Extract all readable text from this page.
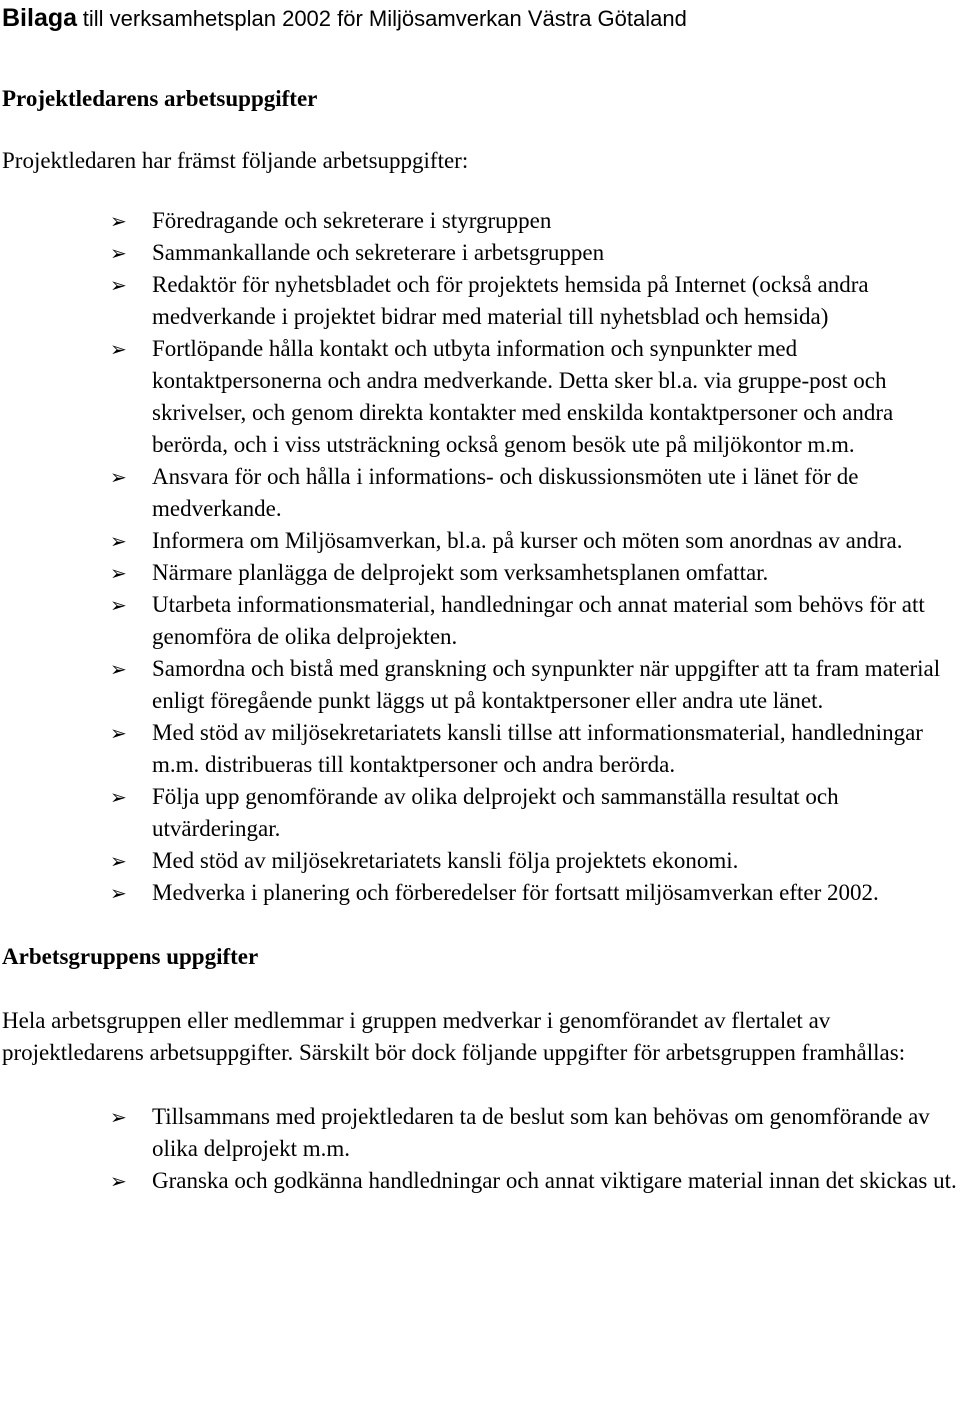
Bilaga till verksamhetsplan 2002 för Miljösamverkan Västra Götaland
Projektledarens arbetsuppgifter
Projektledaren har främst följande arbetsuppgifter:
➢	Föredragande och sekreterare i styrgruppen
➢	Sammankallande och sekreterare i arbetsgruppen
➢	Redaktör för nyhetsbladet och för projektets hemsida på Internet (också andra medverkande i projektet bidrar med material till nyhetsblad och hemsida)
➢	Fortlöpande hålla kontakt och utbyta information och synpunkter med kontaktpersonerna och andra medverkande. Detta sker bl.a. via gruppe-post och skrivelser, och genom direkta kontakter med enskilda kontaktpersoner och andra berörda, och i viss utsträckning också genom besök ute på miljökontor m.m.
➢	Ansvara för och hålla i informations- och diskussionsmöten ute i länet för de medverkande.
➢	Informera om Miljösamverkan, bl.a. på kurser och möten som anordnas av andra.
➢	Närmare planlägga de delprojekt som verksamhetsplanen omfattar.
➢	Utarbeta informationsmaterial, handledningar och annat material som behövs för att genomföra de olika delprojekten.
➢	Samordna och bistå med granskning och synpunkter när uppgifter att ta fram material enligt föregående punkt läggs ut på kontaktpersoner eller andra ute länet.
➢	Med stöd av miljösekretariatets kansli tillse att informationsmaterial, handledningar m.m. distribueras till kontaktpersoner och andra berörda.
➢	Följa upp genomförande av olika delprojekt och sammanställa resultat och utvärderingar.
➢	Med stöd av miljösekretariatets kansli följa projektets ekonomi.
➢	Medverka i planering och förberedelser för fortsatt miljösamverkan efter 2002.
Arbetsgruppens uppgifter
Hela arbetsgruppen eller medlemmar i gruppen medverkar i genomförandet av flertalet av projektledarens arbetsuppgifter. Särskilt bör dock följande uppgifter för arbetsgruppen framhållas:
➢	Tillsammans med projektledaren ta de beslut som kan behövas om genomförande av olika delprojekt m.m.
➢	Granska och godkänna handledningar och annat viktigare material innan det skickas ut.
